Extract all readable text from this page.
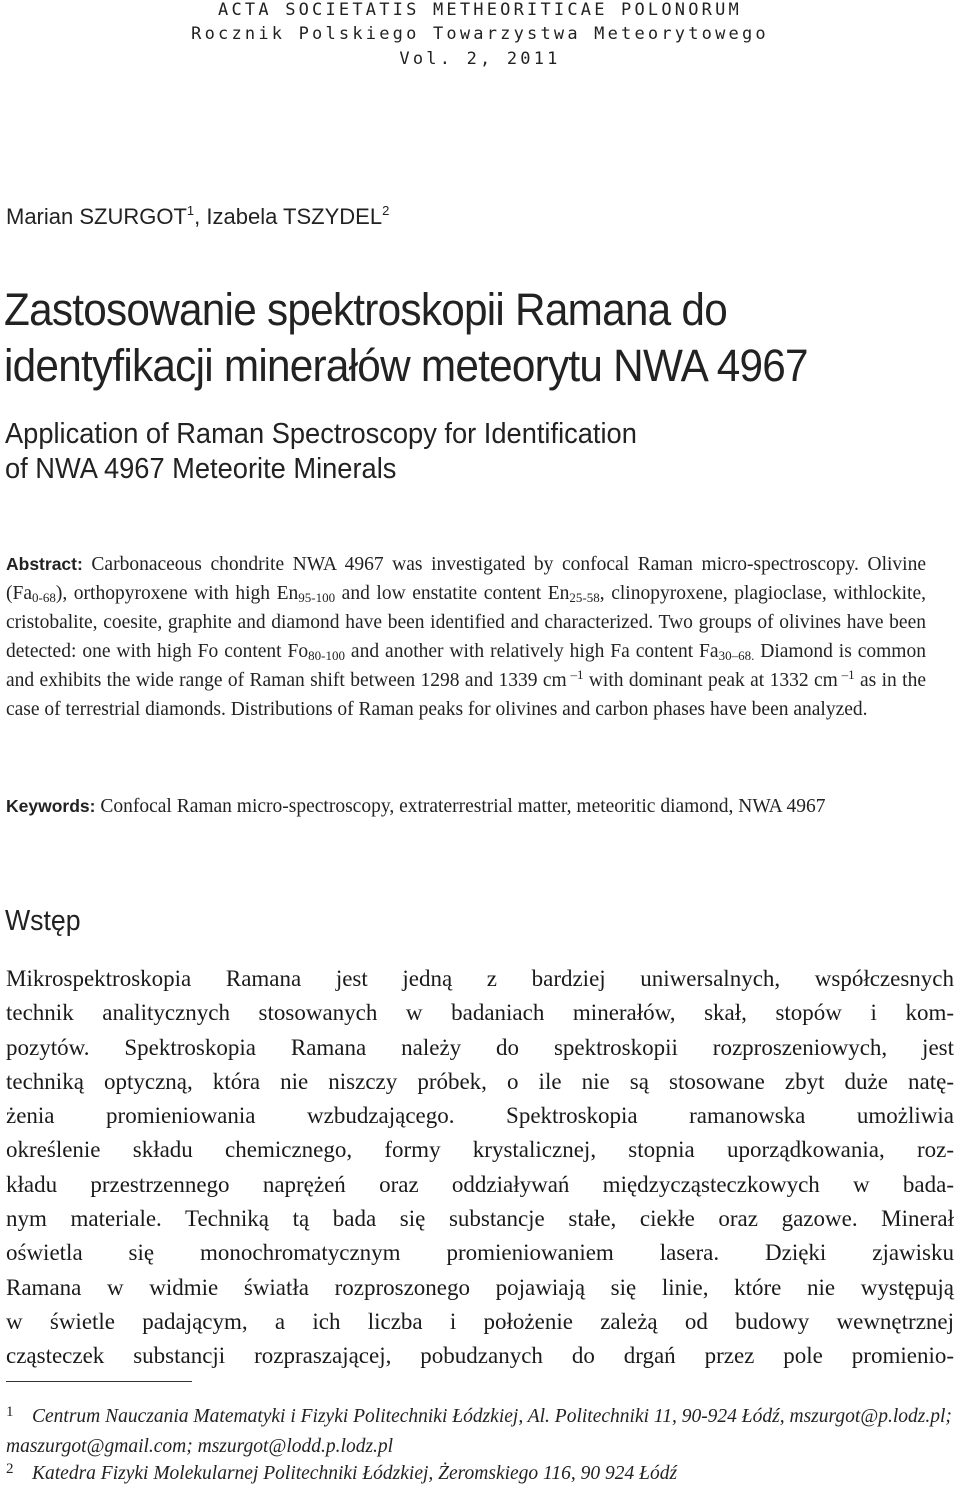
ACTA SOCIETATIS METHEORITICAE POLONORUM
Rocznik Polskiego Towarzystwa Meteorytowego
Vol. 2, 2011
Marian SZURGOT$^1$, Izabela TSZYDEL$^2$
Zastosowanie spektroskopii Ramana do
identyfikacji minerałów meteorytu NWA 4967
Application of Raman Spectroscopy for Identification
of NWA 4967 Meteorite Minerals
Abstract: Carbonaceous chondrite NWA 4967 was investigated by confocal Raman micro-spectroscopy. Olivine $(Fa_{0-68})$, orthopyroxene with high $En_{95-100}$ and low enstatite content $En_{25-58}$, clinopyroxene, plagioclase, withlockite, cristobalite, coesite, graphite and diamond have been identified and characterized. Two groups of olivines have been detected: one with high Fo content $Fo_{80-100}$ and another with relatively high Fa content $Fa_{30-68.}$ Diamond is common and exhibits the wide range of Raman shift between 1298 and 1339 cm $^{-1}$ with dominant peak at 1332 cm $^{-1}$ as in the case of terrestrial diamonds. Distributions of Raman peaks for olivines and carbon phases have been analyzed.
Keywords: Confocal Raman micro-spectroscopy, extraterrestrial matter, meteoritic diamond, NWA 4967
Wstęp
Mikrospektroskopia Ramana jest jedną z bardziej uniwersalnych, współczesnych
technik analitycznych stosowanych w badaniach minerałów, skał, stopów i kom-
pozytów. Spektroskopia Ramana należy do spektroskopii rozproszeniowych, jest
techniką optyczną, która nie niszczy próbek, o ile nie są stosowane zbyt duże natę-
żenia promieniowania wzbudzającego. Spektroskopia ramanowska umożliwia
określenie składu chemicznego, formy krystalicznej, stopnia uporządkowania, roz-
kładu przestrzennego naprężeń oraz oddziaływań międzycząsteczkowych w bada-
nym materiale. Techniką tą bada się substancje stałe, ciekłe oraz gazowe. Minerał
oświetla się monochromatycznym promieniowaniem lasera. Dzięki zjawisku
Ramana w widmie światła rozproszonego pojawiają się linie, które nie występują
w świetle padającym, a ich liczba i położenie zależą od budowy wewnętrznej
cząsteczek substancji rozpraszającej, pobudzanych do drgań przez pole promienio-
1 Centrum Nauczania Matematyki i Fizyki Politechniki Łódzkiej, Al. Politechniki 11, 90-924 Łódź, mszurgot@p.lodz.pl; maszurgot@gmail.com; mszurgot@lodd.p.lodz.pl
2 Katedra Fizyki Molekularnej Politechniki Łódzkiej, Żeromskiego 116, 90 924 Łódź
